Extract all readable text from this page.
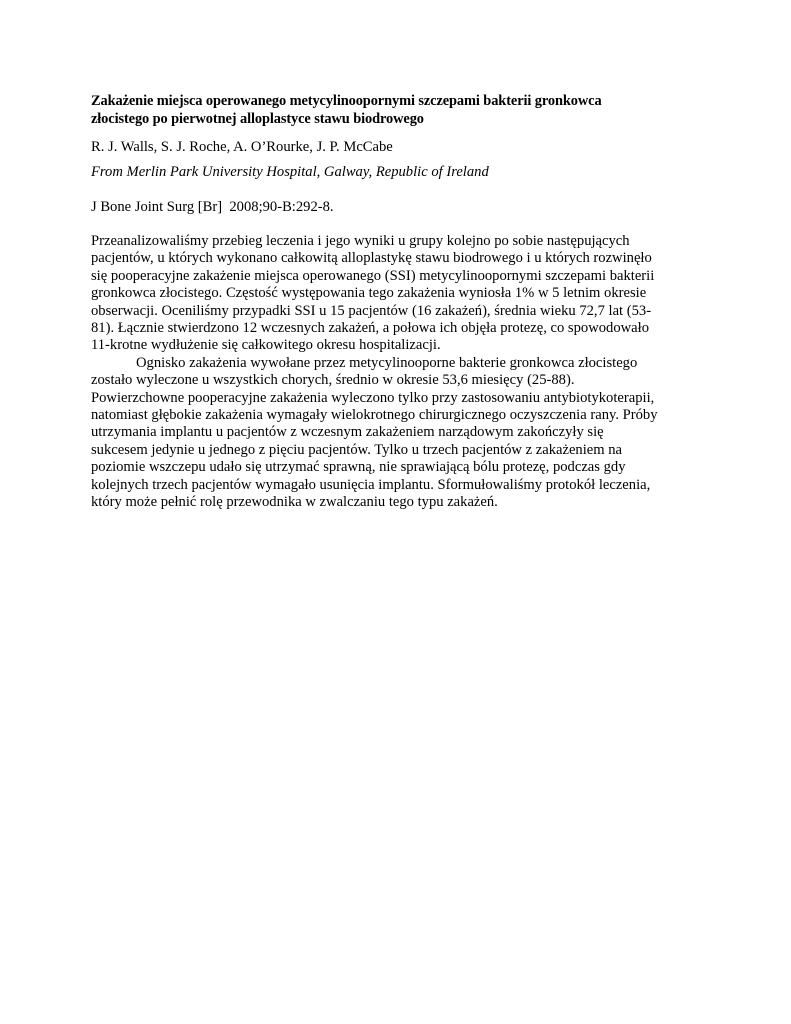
Zakażenie miejsca operowanego metycylinoopornymi szczepami bakterii gronkowca
złocistego po pierwotnej alloplastyce stawu biodrowego

R. J. Walls, S. J. Roche, A. O’Rourke, J. P. McCabe

From Merlin Park University Hospital, Galway, Republic of Ireland

J Bone Joint Surg [Br]  2008;90-B:292-8.

Przeanalizowaliśmy przebieg leczenia i jego wyniki u grupy kolejno po sobie następujących
pacjentów, u których wykonano całkowitą alloplastykę stawu biodrowego i u których rozwinęło
się pooperacyjne zakażenie miejsca operowanego (SSI) metycylinoopornymi szczepami bakterii
gronkowca złocistego. Częstość występowania tego zakażenia wyniosła 1% w 5 letnim okresie
obserwacji. Oceniliśmy przypadki SSI u 15 pacjentów (16 zakażeń), średnia wieku 72,7 lat (53-
81). Łącznie stwierdzono 12 wczesnych zakażeń, a połowa ich objęła protezę, co spowodowało
11-krotne wydłużenie się całkowitego okresu hospitalizacji.
Ognisko zakażenia wywołane przez metycylinooporne bakterie gronkowca złocistego
zostało wyleczone u wszystkich chorych, średnio w okresie 53,6 miesięcy (25-88).
Powierzchowne pooperacyjne zakażenia wyleczono tylko przy zastosowaniu antybiotykoterapii,
natomiast głębokie zakażenia wymagały wielokrotnego chirurgicznego oczyszczenia rany. Próby
utrzymania implantu u pacjentów z wczesnym zakażeniem narządowym zakończyły się
sukcesem jedynie u jednego z pięciu pacjentów. Tylko u trzech pacjentów z zakażeniem na
poziomie wszczepu udało się utrzymać sprawną, nie sprawiającą bólu protezę, podczas gdy
kolejnych trzech pacjentów wymagało usunięcia implantu. Sformułowaliśmy protokół leczenia,
który może pełnić rolę przewodnika w zwalczaniu tego typu zakażeń.
